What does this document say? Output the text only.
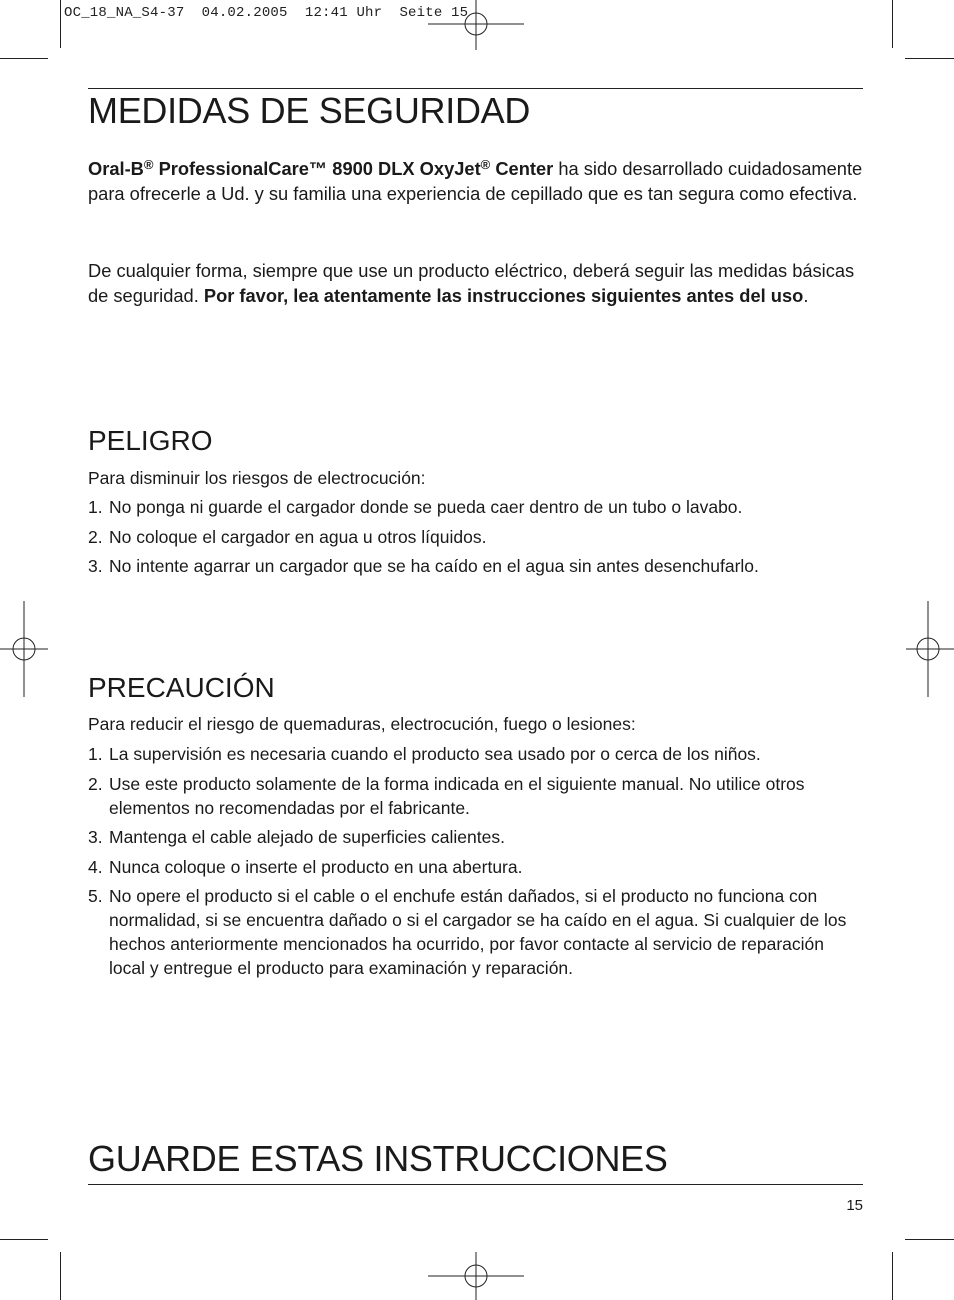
OC_18_NA_S4-37  04.02.2005  12:41 Uhr  Seite 15
MEDIDAS DE SEGURIDAD

Oral-B® ProfessionalCare™ 8900 DLX OxyJet® Center ha sido desarrollado cuidadosamente para ofrecerle a Ud. y su familia una experiencia de cepillado que es tan segura como efectiva.

De cualquier forma, siempre que use un producto eléctrico, deberá seguir las medidas básicas de seguridad. Por favor, lea atentamente las instrucciones siguientes antes del uso.

PELIGRO

Para disminuir los riesgos de electrocución:

1. No ponga ni guarde el cargador donde se pueda caer dentro de un tubo o lavabo.
2. No coloque el cargador en agua u otros líquidos.
3. No intente agarrar un cargador que se ha caído en el agua sin antes desenchufarlo.
PRECAUCIÓN

Para reducir el riesgo de quemaduras, electrocución, fuego o lesiones:

1. La supervisión es necesaria cuando el producto sea usado por o cerca de los niños.
2. Use este producto solamente de la forma indicada en el siguiente manual. No utilice otros elementos no recomendadas por el fabricante.
3. Mantenga el cable alejado de superficies calientes.
4. Nunca coloque o inserte el producto en una abertura.
5. No opere el producto si el cable o el enchufe están dañados, si el producto no funciona con normalidad, si se encuentra dañado o si el cargador se ha caído en el agua. Si cualquier de los hechos anteriormente mencionados ha ocurrido, por favor contacte al servicio de reparación local y entregue el producto para examinación y reparación.
GUARDE ESTAS INSTRUCCIONES
15
